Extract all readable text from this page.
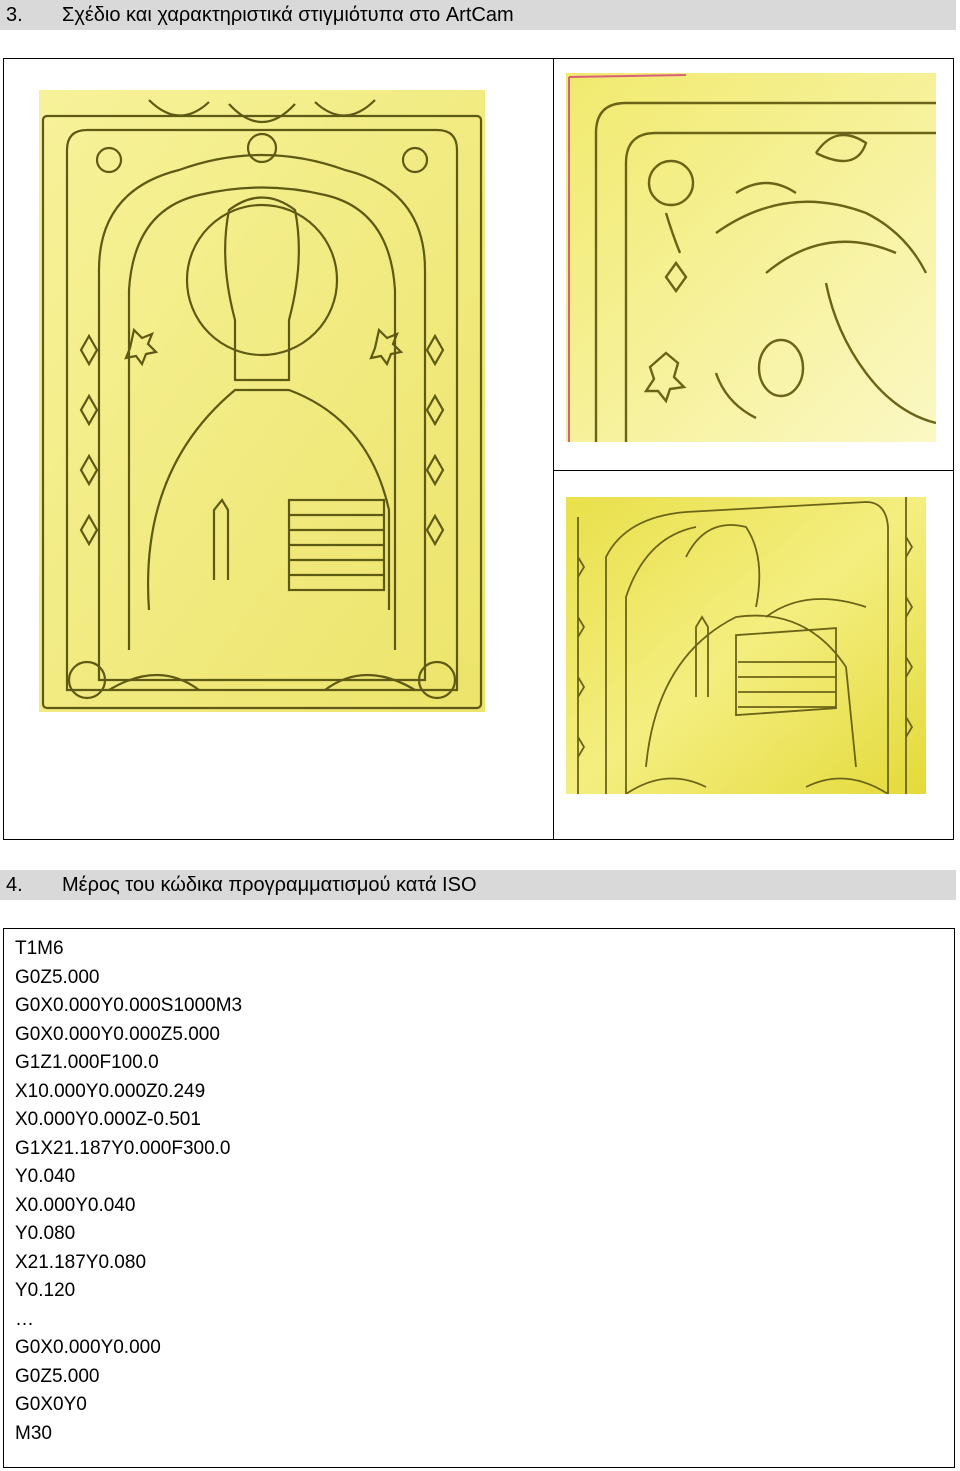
3. Σχέδιο και χαρακτηριστικά στιγμιότυπα στο ArtCam
4. Μέρος του κώδικα προγραμματισμού κατά ISO
T1M6
G0Z5.000
G0X0.000Y0.000S1000M3
G0X0.000Y0.000Z5.000
G1Z1.000F100.0
X10.000Y0.000Z0.249
X0.000Y0.000Z-0.501
G1X21.187Y0.000F300.0
Y0.040
X0.000Y0.040
Y0.080
X21.187Y0.080
Y0.120
…
G0X0.000Y0.000
G0Z5.000
G0X0Y0
M30
